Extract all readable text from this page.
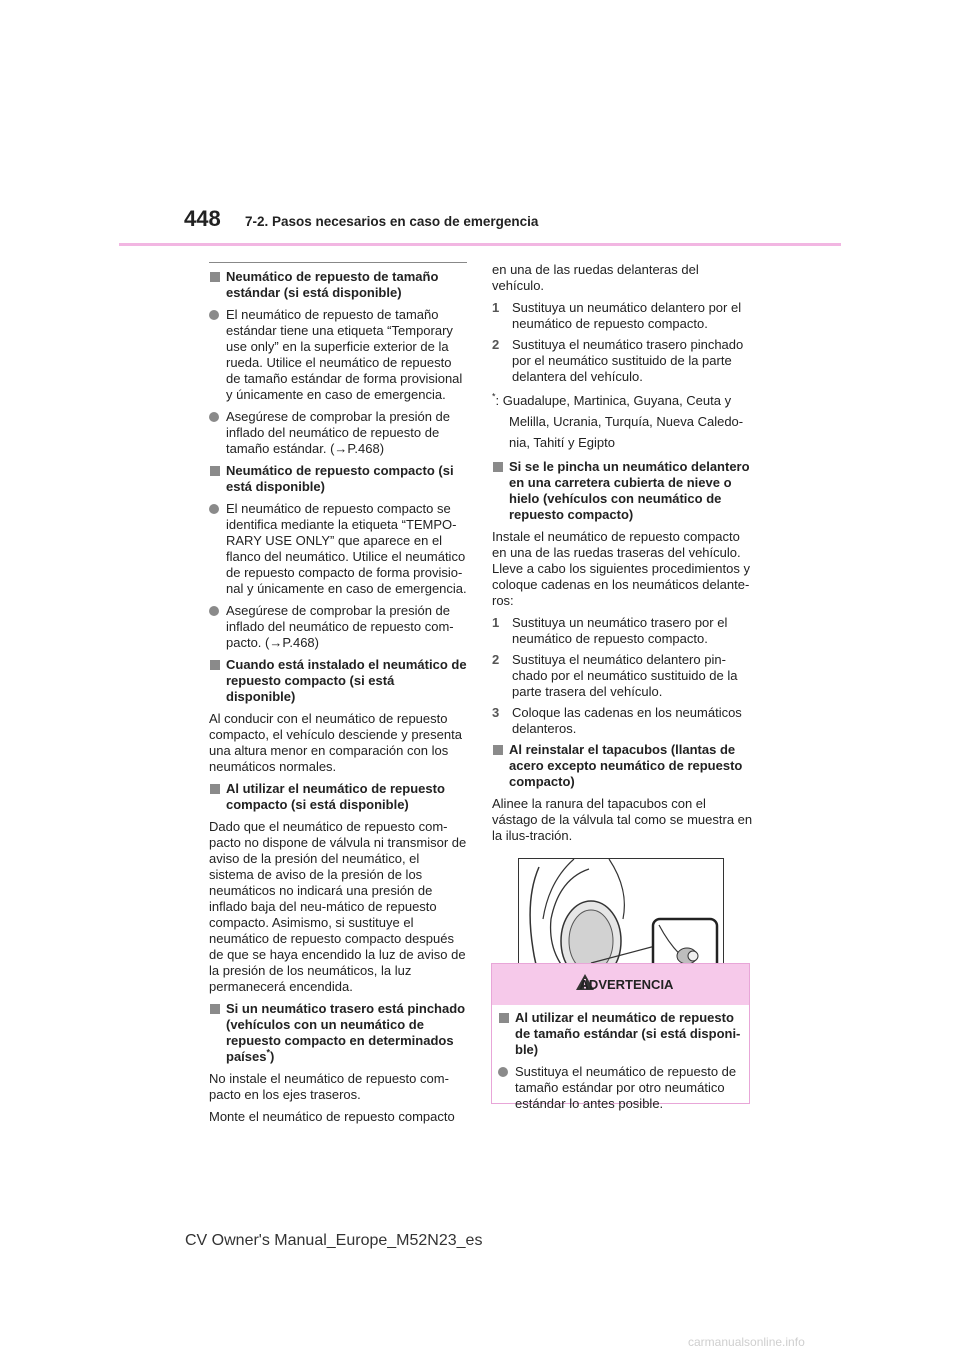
448 7-2. Pasos necesarios en caso de emergencia
Neumático de repuesto de tamaño estándar (si está disponible)
El neumático de repuesto de tamaño estándar tiene una etiqueta “Temporary use only” en la superficie exterior de la rueda. Utilice el neumático de repuesto de tamaño estándar de forma provisional y únicamente en caso de emergencia.
Asegúrese de comprobar la presión de inflado del neumático de repuesto de tamaño estándar. (→P.468)
Neumático de repuesto compacto (si está disponible)
El neumático de repuesto compacto se identifica mediante la etiqueta “TEMPO-RARY USE ONLY” que aparece en el flanco del neumático. Utilice el neumático de repuesto compacto de forma provisio-nal y únicamente en caso de emergencia.
Asegúrese de comprobar la presión de inflado del neumático de repuesto com-pacto. (→P.468)
Cuando está instalado el neumático de repuesto compacto (si está disponible)
Al conducir con el neumático de repuesto compacto, el vehículo desciende y presenta una altura menor en comparación con los neumáticos normales.
Al utilizar el neumático de repuesto compacto (si está disponible)
Dado que el neumático de repuesto com-pacto no dispone de válvula ni transmisor de aviso de la presión del neumático, el sistema de aviso de la presión de los neumáticos no indicará una presión de inflado baja del neu-mático de repuesto compacto. Asimismo, si sustituye el neumático de repuesto compacto después de que se haya encendido la luz de aviso de la presión de los neumáticos, la luz permanecerá encendida.
Si un neumático trasero está pinchado (vehículos con un neumático de repuesto compacto en determinados países*)
No instale el neumático de repuesto com-pacto en los ejes traseros.
Monte el neumático de repuesto compacto
en una de las ruedas delanteras del vehículo.
1 Sustituya un neumático delantero por el neumático de repuesto compacto.
2 Sustituya el neumático trasero pinchado por el neumático sustituido de la parte delantera del vehículo.
*: Guadalupe, Martinica, Guyana, Ceuta y
Melilla, Ucrania, Turquía, Nueva Caledo-
nia, Tahití y Egipto
Si se le pincha un neumático delantero en una carretera cubierta de nieve o hielo (vehículos con neumático de repuesto compacto)
Instale el neumático de repuesto compacto en una de las ruedas traseras del vehículo. Lleve a cabo los siguientes procedimientos y coloque cadenas en los neumáticos delante-ros:
1 Sustituya un neumático trasero por el neumático de repuesto compacto.
2 Sustituya el neumático delantero pin-chado por el neumático sustituido de la parte trasera del vehículo.
3 Coloque las cadenas en los neumáticos delanteros.
Al reinstalar el tapacubos (llantas de acero excepto neumático de repuesto compacto)
Alinee la ranura del tapacubos con el vástago de la válvula tal como se muestra en la ilus-tración.
ADVERTENCIA
Al utilizar el neumático de repuesto de tamaño estándar (si está disponi-ble)
Sustituya el neumático de repuesto de tamaño estándar por otro neumático estándar lo antes posible.
CV Owner's Manual_Europe_M52N23_es
carmanualsonline.info
